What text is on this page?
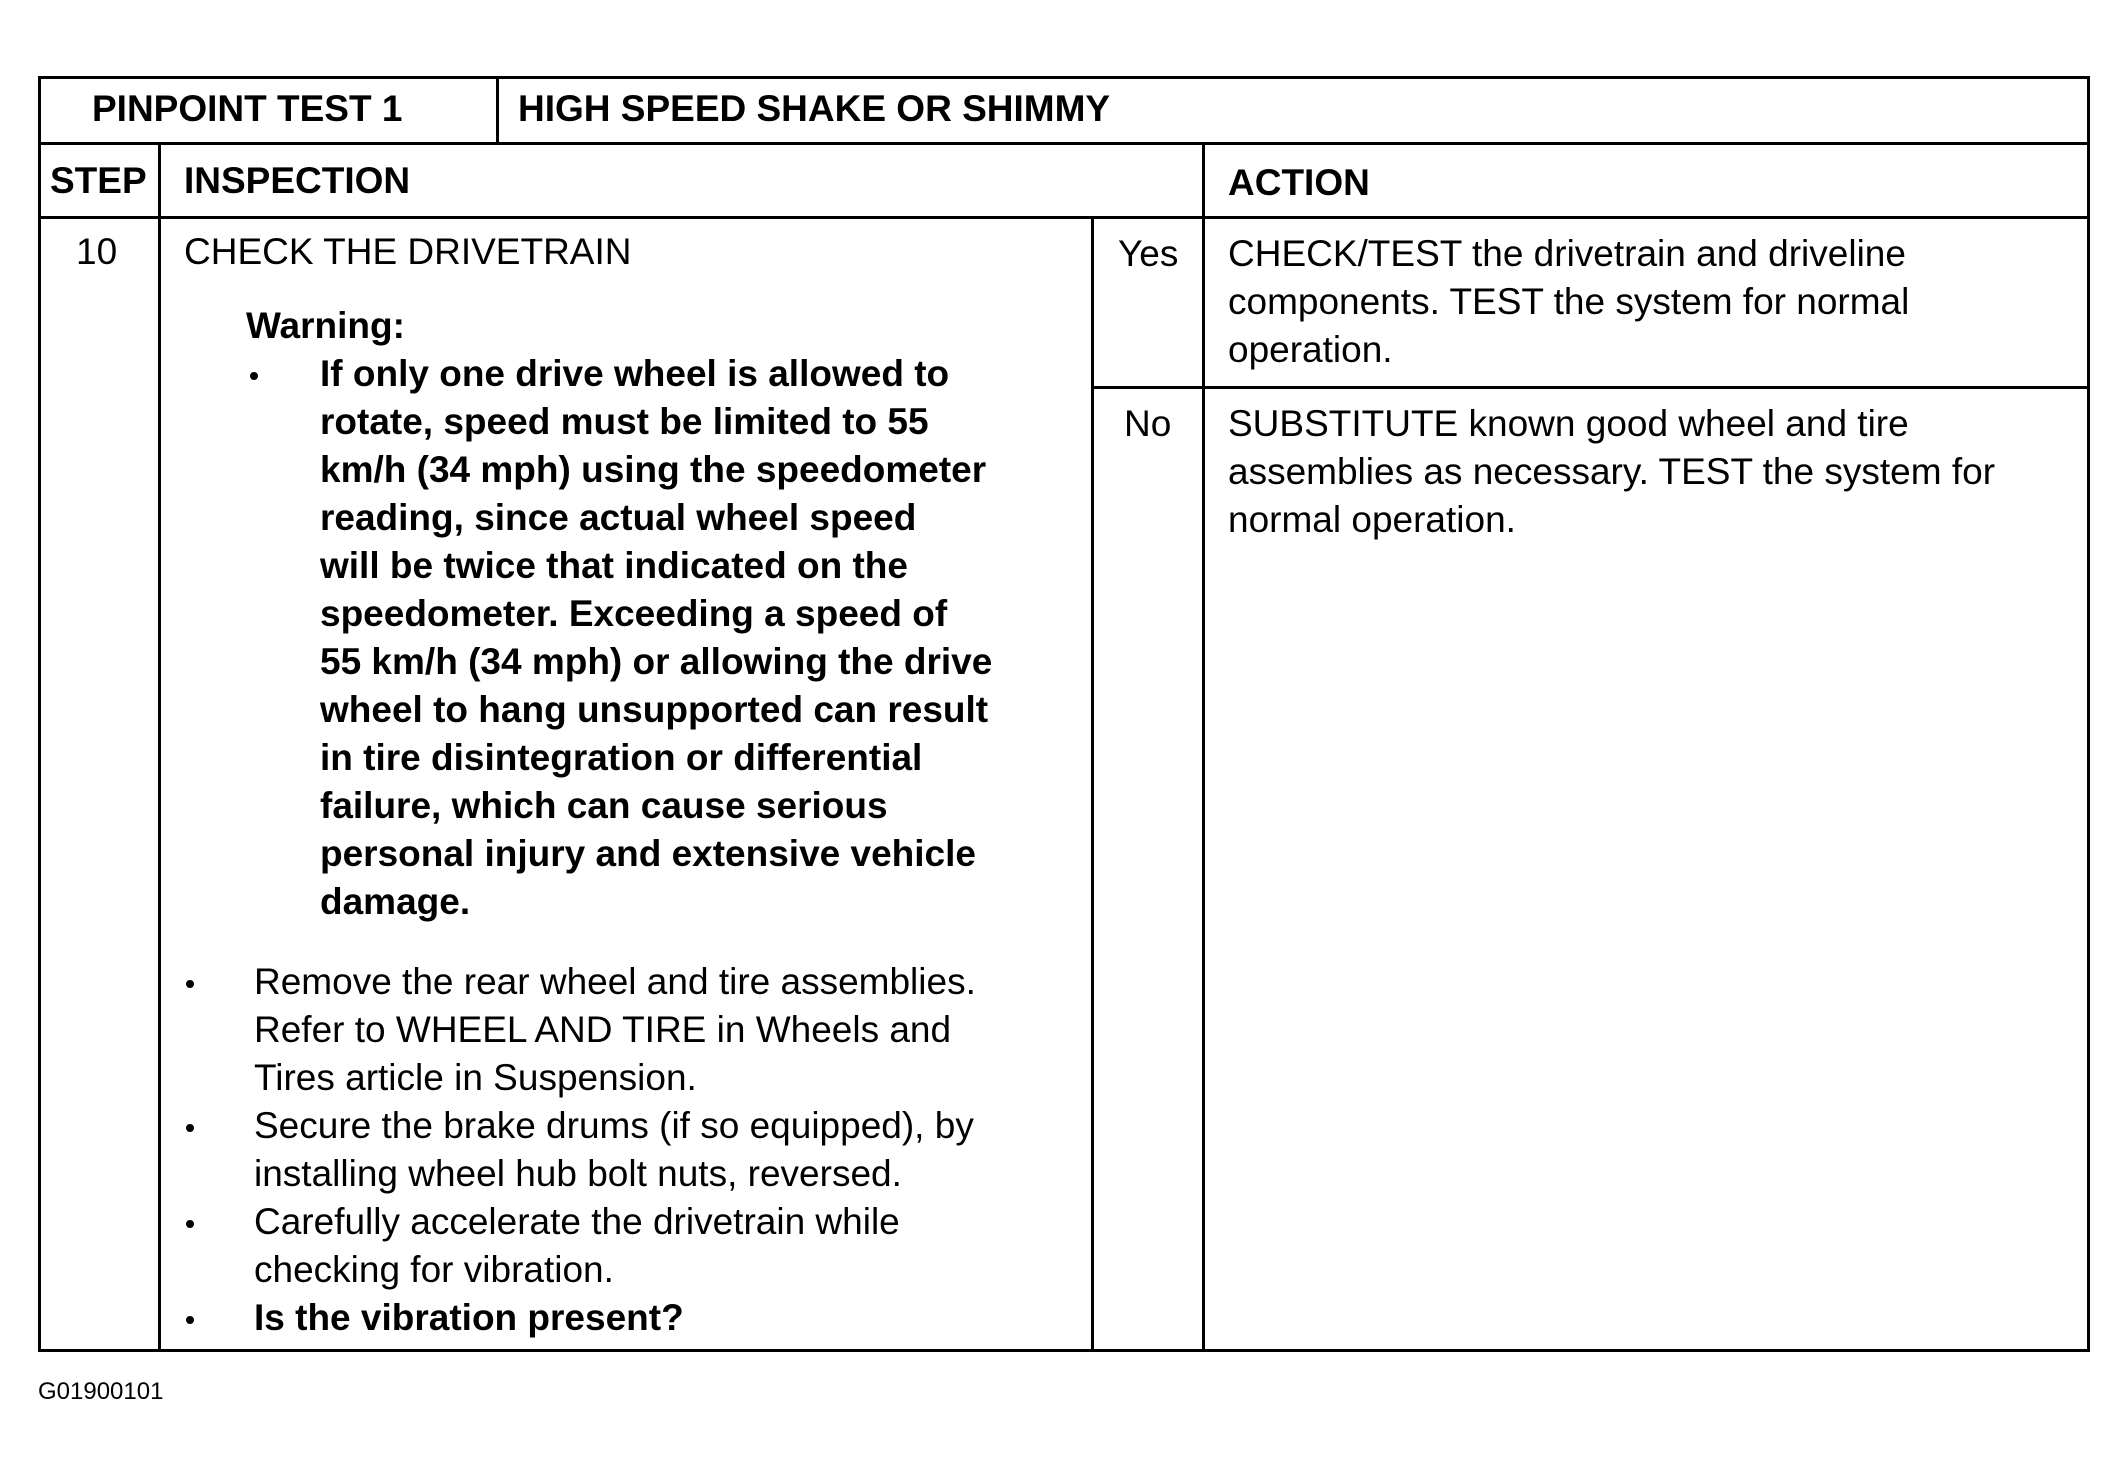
PINPOINT TEST 1	HIGH SPEED SHAKE OR SHIMMY
STEP INSPECTION	ACTION
10 CHECK THE DRIVETRAIN
Warning:
If only one drive wheel is allowed to
rotate, speed must be limited to 55
km/h (34 mph) using the speedometer
reading, since actual wheel speed
will be twice that indicated on the
speedometer. Exceeding a speed of
55 km/h (34 mph) or allowing the drive
wheel to hang unsupported can result
in tire disintegration or differential
failure, which can cause serious
personal injury and extensive vehicle
damage.
Remove the rear wheel and tire assemblies.
Refer to WHEEL AND TIRE in Wheels and
Tires article in Suspension.
Secure the brake drums (if so equipped), by
installing wheel hub bolt nuts, reversed.
Carefully accelerate the drivetrain while
checking for vibration.
Is the vibration present?
Yes CHECK/TEST the drivetrain and driveline
components. TEST the system for normal
operation.
No SUBSTITUTE known good wheel and tire
assemblies as necessary. TEST the system for
normal operation.
G01900101
